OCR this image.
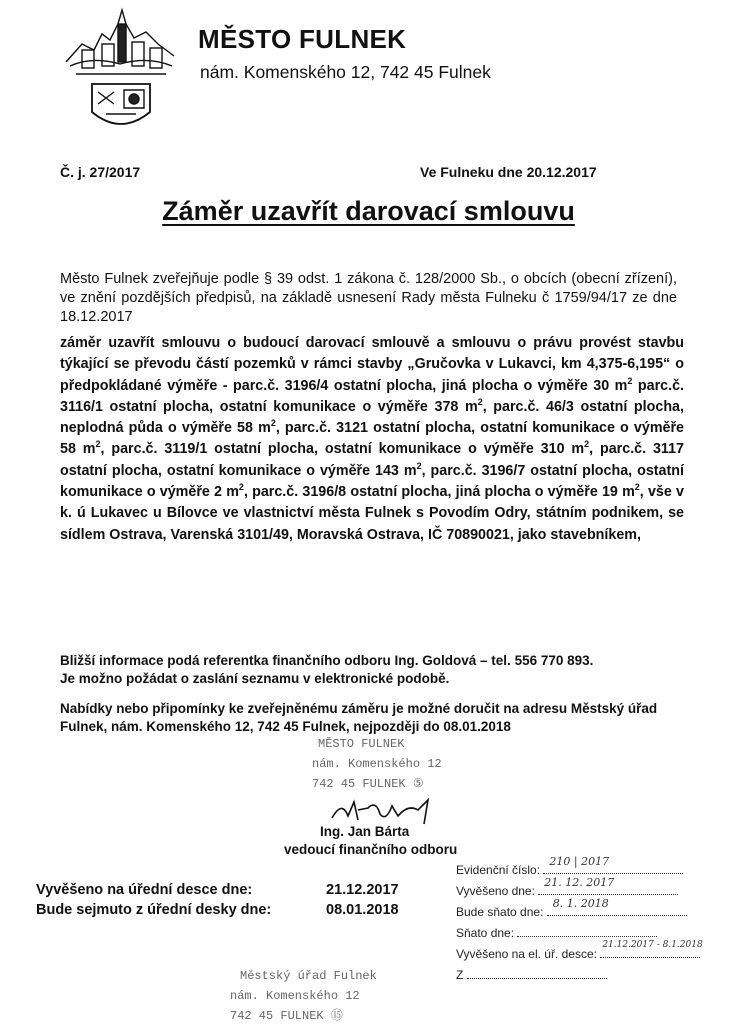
MĚSTO FULNEK
nám. Komenského 12, 742 45 Fulnek
Č. j. 27/2017	Ve Fulneku dne 20.12.2017
Záměr uzavřít darovací smlouvu
Město Fulnek zveřejňuje podle § 39 odst. 1 zákona č. 128/2000 Sb., o obcích (obecní zřízení), ve znění pozdějších předpisů, na základě usnesení Rady města Fulneku č 1759/94/17 ze dne 18.12.2017
záměr uzavřít smlouvu o budoucí darovací smlouvě a smlouvu o právu provést stavbu týkající se převodu částí pozemků v rámci stavby „Gručovka v Lukavci, km 4,375-6,195“ o předpokládané výměře - parc.č. 3196/4 ostatní plocha, jiná plocha o výměře 30 $m^2$ parc.č. 3116/1 ostatní plocha, ostatní komunikace o výměře 378 $m^2$, parc.č. 46/3 ostatní plocha, neplodná půda o výměře 58 $m^2$, parc.č. 3121 ostatní plocha, ostatní komunikace o výměře 58 $m^2$, parc.č. 3119/1 ostatní plocha, ostatní komunikace o výměře 310 $m^2$, parc.č. 3117 ostatní plocha, ostatní komunikace o výměře 143 $m^2$, parc.č. 3196/7 ostatní plocha, ostatní komunikace o výměře 2 $m^2$, parc.č. 3196/8 ostatní plocha, jiná plocha o výměře 19 $m^2$, vše v k. ú Lukavec u Bílovce ve vlastnictví města Fulnek s Povodím Odry, státním podnikem, se sídlem Ostrava, Varenská 3101/49, Moravská Ostrava, IČ 70890021, jako stavebníkem,
Bližší informace podá referentka finančního odboru Ing. Goldová – tel. 556 770 893.
Je možno požádat o zaslání seznamu v elektronické podobě.
Nabídky nebo připomínky ke zveřejněnému záměru je možné doručit na adresu Městský úřad Fulnek, nám. Komenského 12, 742 45 Fulnek, nejpozději do 08.01.2018
MĚSTO FULNEK
nám. Komenského 12
742 45 FULNEK ⑤
Ing. Jan Bárta
vedoucí finančního odboru
Vyvěšeno na úřední desce dne:
Bude sejmuto z úřední desky dne:
21.12.2017
08.01.2018
Evidenční číslo:
210 | 2017
Vyvěšeno dne:
21. 12. 2017
Bude sňato dne:
8. 1. 2018
Sňato dne:
Vyvěšeno na el. úř. desce:
21.12.2017 - 8.1.2018
Z
Městský úřad Fulnek
nám. Komenského 12
742 45 FULNEK ⑮
